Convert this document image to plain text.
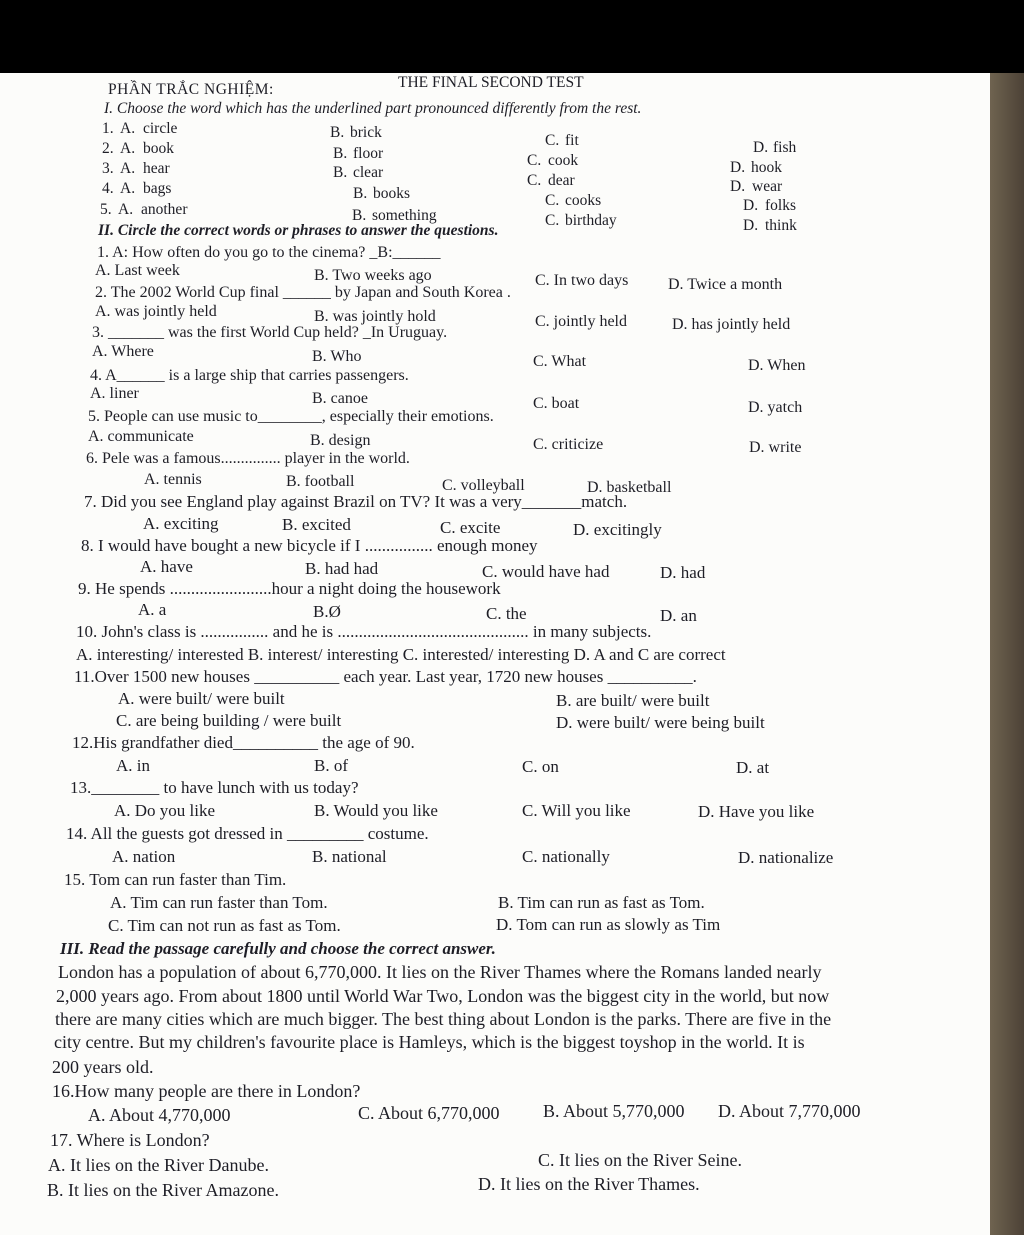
PHẦN TRẮC NGHIỆM:	THE FINAL SECOND TEST
I. Choose the word which has the underlined part pronounced differently from the rest.
1. A. circle	B. brick	C. fit	D. fish
2. A. book	B. floor	C. cook	D. hook
3. A. hear	B. clear	C. dear	D. wear
4. A. bags	B. books	C. cooks	D. folks
5. A. another	B. something	C. birthday	D. think
II. Circle the correct words or phrases to answer the questions.
1. A: How often do you go to the cinema? _B:______
A. Last week	B. Two weeks ago	C. In two days D. Twice a month
2. The 2002 World Cup final ______ by Japan and South Korea .
A. was jointly held	B. was jointly hold	C. jointly held	D. has jointly held
3. _______ was the first World Cup held? _In Uruguay.
A. Where	B. Who	C. What	D. When
4. A______ is a large ship that carries passengers.
A. liner	B. canoe	C. boat	D. yatch
5. People can use music to________, especially their emotions.
A. communicate	B. design	C. criticize	D. write
6. Pele was a famous............... player in the world.
A. tennis	B. football	C. volleyball	D. basketball
7. Did you see England play against Brazil on TV? It was a very_______match.
A. exciting	B. excited	C. excite	D. excitingly
8. I would have bought a new bicycle if I ................ enough money
A. have	B. had had	C. would have had	D. had
9. He spends ........................hour a night doing the housework
A. a	B.Ø	C. the	D. an
10. John's class is ................ and he is ............................................. in many subjects.
A. interesting/ interested B. interest/ interesting C. interested/ interesting D. A and C are correct
11.Over 1500 new houses __________ each year. Last year, 1720 new houses __________.
A. were built/ were built	B. are built/ were built
C. are being building / were built	D. were built/ were being built
12.His grandfather died__________ the age of 90.
A. in	B. of	C. on	D. at
13.________ to have lunch with us today?
A. Do you like	B. Would you like	C. Will you like	D. Have you like
14. All the guests got dressed in _________ costume.
A. nation	B. national	C. nationally	D. nationalize
15. Tom can run faster than Tim.
A. Tim can run faster than Tom.	B. Tim can run as fast as Tom.
C. Tim can not run as fast as Tom.	D. Tom can run as slowly as Tim
III. Read the passage carefully and choose the correct answer.
London has a population of about 6,770,000. It lies on the River Thames where the Romans landed nearly
2,000 years ago. From about 1800 until World War Two, London was the biggest city in the world, but now
there are many cities which are much bigger. The best thing about London is the parks. There are five in the
city centre. But my children's favourite place is Hamleys, which is the biggest toyshop in the world. It is
200 years old.
16.How many people are there in London?
A. About 4,770,000	C. About 6,770,000 B. About 5,770,000 D. About 7,770,000
17. Where is London?
A. It lies on the River Danube.	C. It lies on the River Seine.
B. It lies on the River Amazone.	D. It lies on the River Thames.
